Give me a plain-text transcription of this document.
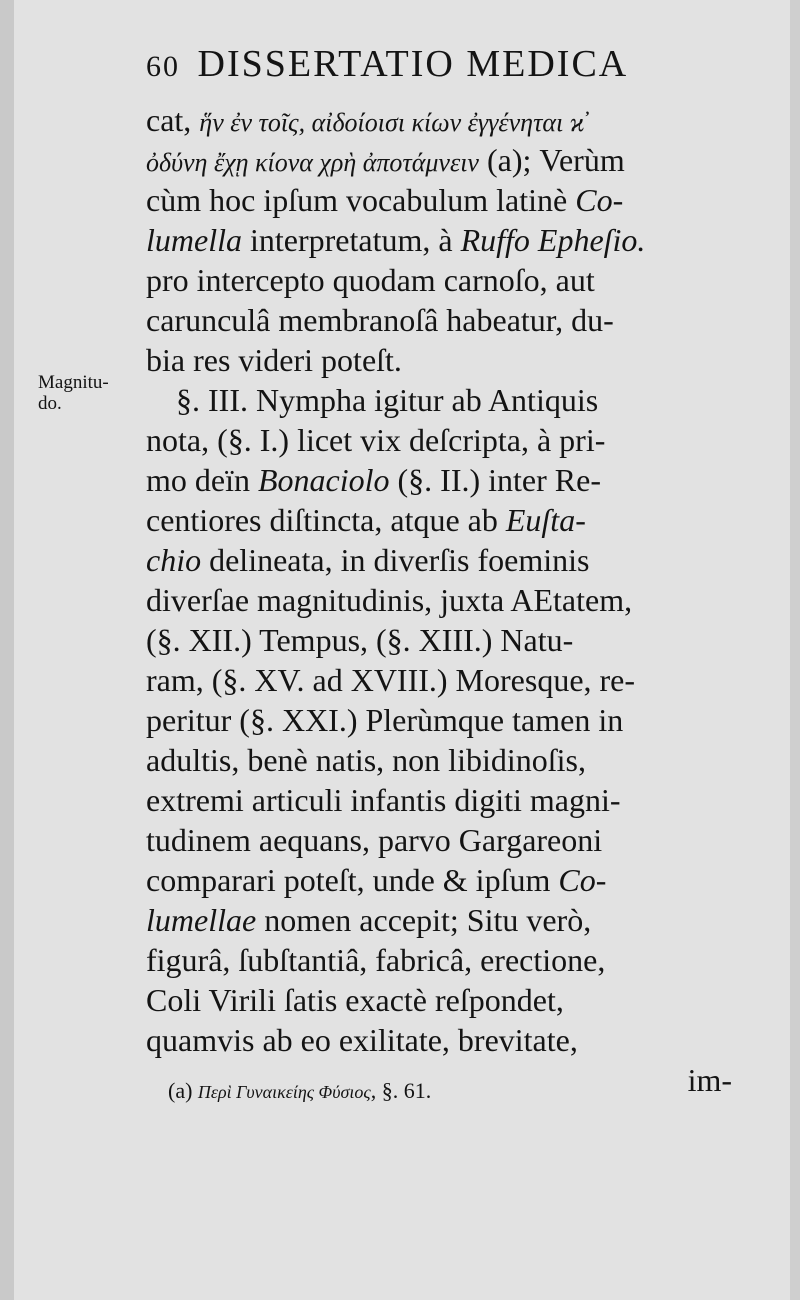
60 DISSERTATIO MEDICA
Magnitu-
do.
cat, ἥν ἐν τοῖς, αἰδοίοισι κίων ἐγγένηται ϰ̓
ὀδύνη ἔχῃ κίονα χρὴ ἀποτάμνειν (a); Verùm
cùm hoc ipſum vocabulum latinè Co-
lumella interpretatum, à Ruffo Epheſio.
pro intercepto quodam carnoſo, aut
carunculâ membranoſâ habeatur, du-
bia res videri poteſt.
§. III. Nympha igitur ab Antiquis
nota, (§. I.) licet vix deſcripta, à pri-
mo deïn Bonaciolo (§. II.) inter Re-
centiores diſtincta, atque ab Euſta-
chio delineata, in diverſis foeminis
diverſae magnitudinis, juxta AEtatem,
(§. XII.) Tempus, (§. XIII.) Natu-
ram, (§. XV. ad XVIII.) Moresque, re-
peritur (§. XXI.) Plerùmque tamen in
adultis, benè natis, non libidinoſis,
extremi articuli infantis digiti magni-
tudinem aequans, parvo Gargareoni
comparari poteſt, unde & ipſum Co-
lumellae nomen accepit; Situ verò,
figurâ, ſubſtantiâ, fabricâ, erectione,
Coli Virili ſatis exactè reſpondet,
quamvis ab eo exilitate, brevitate,
im-
(a) Περὶ Γυναικείης Φύσιος, §. 61.
